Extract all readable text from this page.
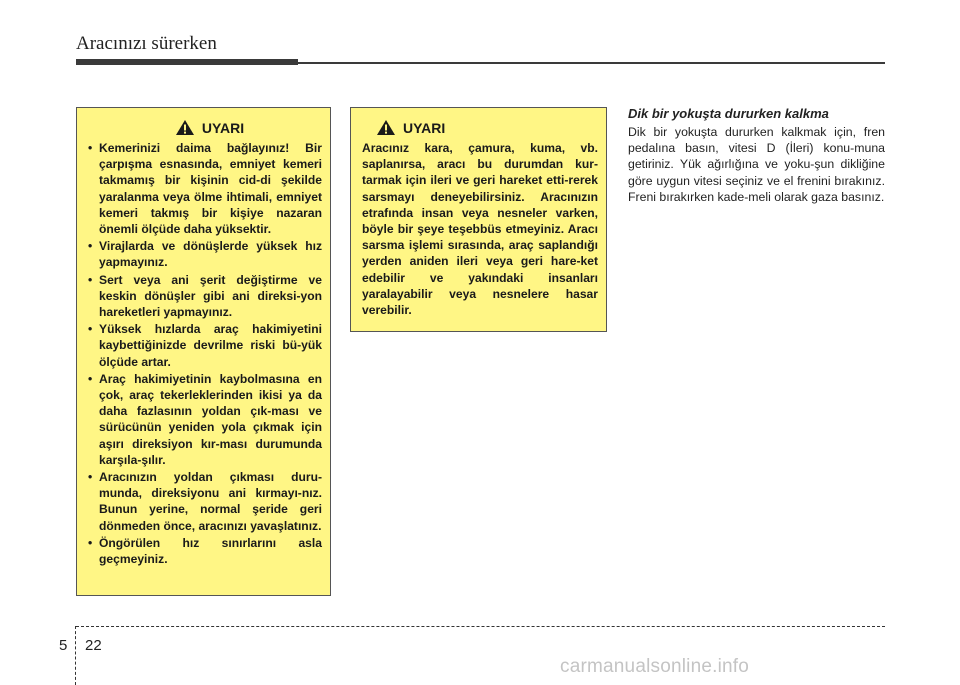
Aracınızı sürerken
UYARI
• Kemerinizi daima bağlayınız! Bir çarpışma esnasında, emniyet kemeri takmamış bir kişinin cid-di şekilde yaralanma veya ölme ihtimali, emniyet kemeri takmış bir kişiye nazaran önemli ölçüde daha yüksektir.
• Virajlarda ve dönüşlerde yüksek hız yapmayınız.
• Sert veya ani şerit değiştirme ve keskin dönüşler gibi ani direksi-yon hareketleri yapmayınız.
• Yüksek hızlarda araç hakimiyetini kaybettiğinizde devrilme riski bü-yük ölçüde artar.
• Araç hakimiyetinin kaybolmasına en çok, araç tekerleklerinden ikisi ya da daha fazlasının yoldan çık-ması ve sürücünün yeniden yola çıkmak için aşırı direksiyon kır-ması durumunda karşıla-şılır.
• Aracınızın yoldan çıkması duru-munda, direksiyonu ani kırmayı-nız. Bunun yerine, normal şeride geri dönmeden önce, aracınızı yavaşlatınız.
• Öngörülen hız sınırlarını asla geçmeyiniz.
UYARI

Aracınız kara, çamura, kuma, vb. saplanırsa, aracı bu durumdan kur-tarmak için ileri ve geri hareket etti-rerek sarsmayı deneyebilirsiniz. Aracınızın etrafında insan veya nesneler varken, böyle bir şeye teşebbüs etmeyiniz. Aracı sarsma işlemi sırasında, araç saplandığı yerden aniden ileri veya geri hare-ket edebilir ve yakındaki insanları yaralayabilir veya nesnelere hasar verebilir.

Dik bir yokuşta dururken kalkma

Dik bir yokuşta dururken kalkmak için, fren pedalına basın, vitesi D (İleri) konu-muna getiriniz. Yük ağırlığına ve yoku-şun dikliğine göre uygun vitesi seçiniz ve el frenini bırakınız. Freni bırakırken kade-meli olarak gaza basınız.

5 22
carmanualsonline.info
